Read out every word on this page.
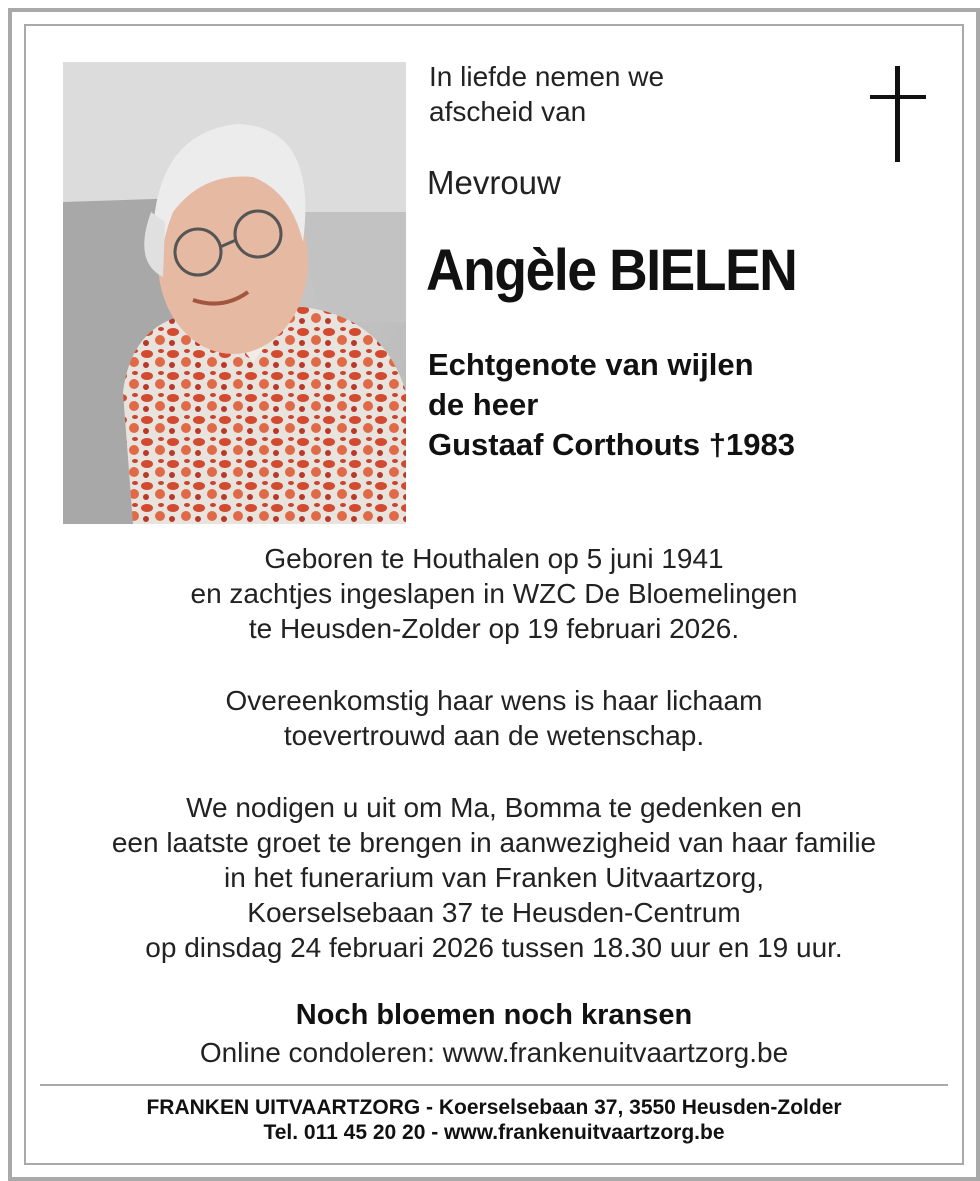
In liefde nemen we
afscheid van
Mevrouw
Angèle BIELEN
Echtgenote van wijlen
de heer
Gustaaf Corthouts †1983
Geboren te Houthalen op 5 juni 1941
en zachtjes ingeslapen in WZC De Bloemelingen
te Heusden-Zolder op 19 februari 2026.
Overeenkomstig haar wens is haar lichaam
toevertrouwd aan de wetenschap.
We nodigen u uit om Ma, Bomma te gedenken en
een laatste groet te brengen in aanwezigheid van haar familie
in het funerarium van Franken Uitvaartzorg,
Koerselsebaan 37 te Heusden-Centrum
op dinsdag 24 februari 2026 tussen 18.30 uur en 19 uur.
Noch bloemen noch kransen
Online condoleren: www.frankenuitvaartzorg.be
FRANKEN UITVAARTZORG - Koerselsebaan 37, 3550 Heusden-Zolder
Tel. 011 45 20 20 - www.frankenuitvaartzorg.be
